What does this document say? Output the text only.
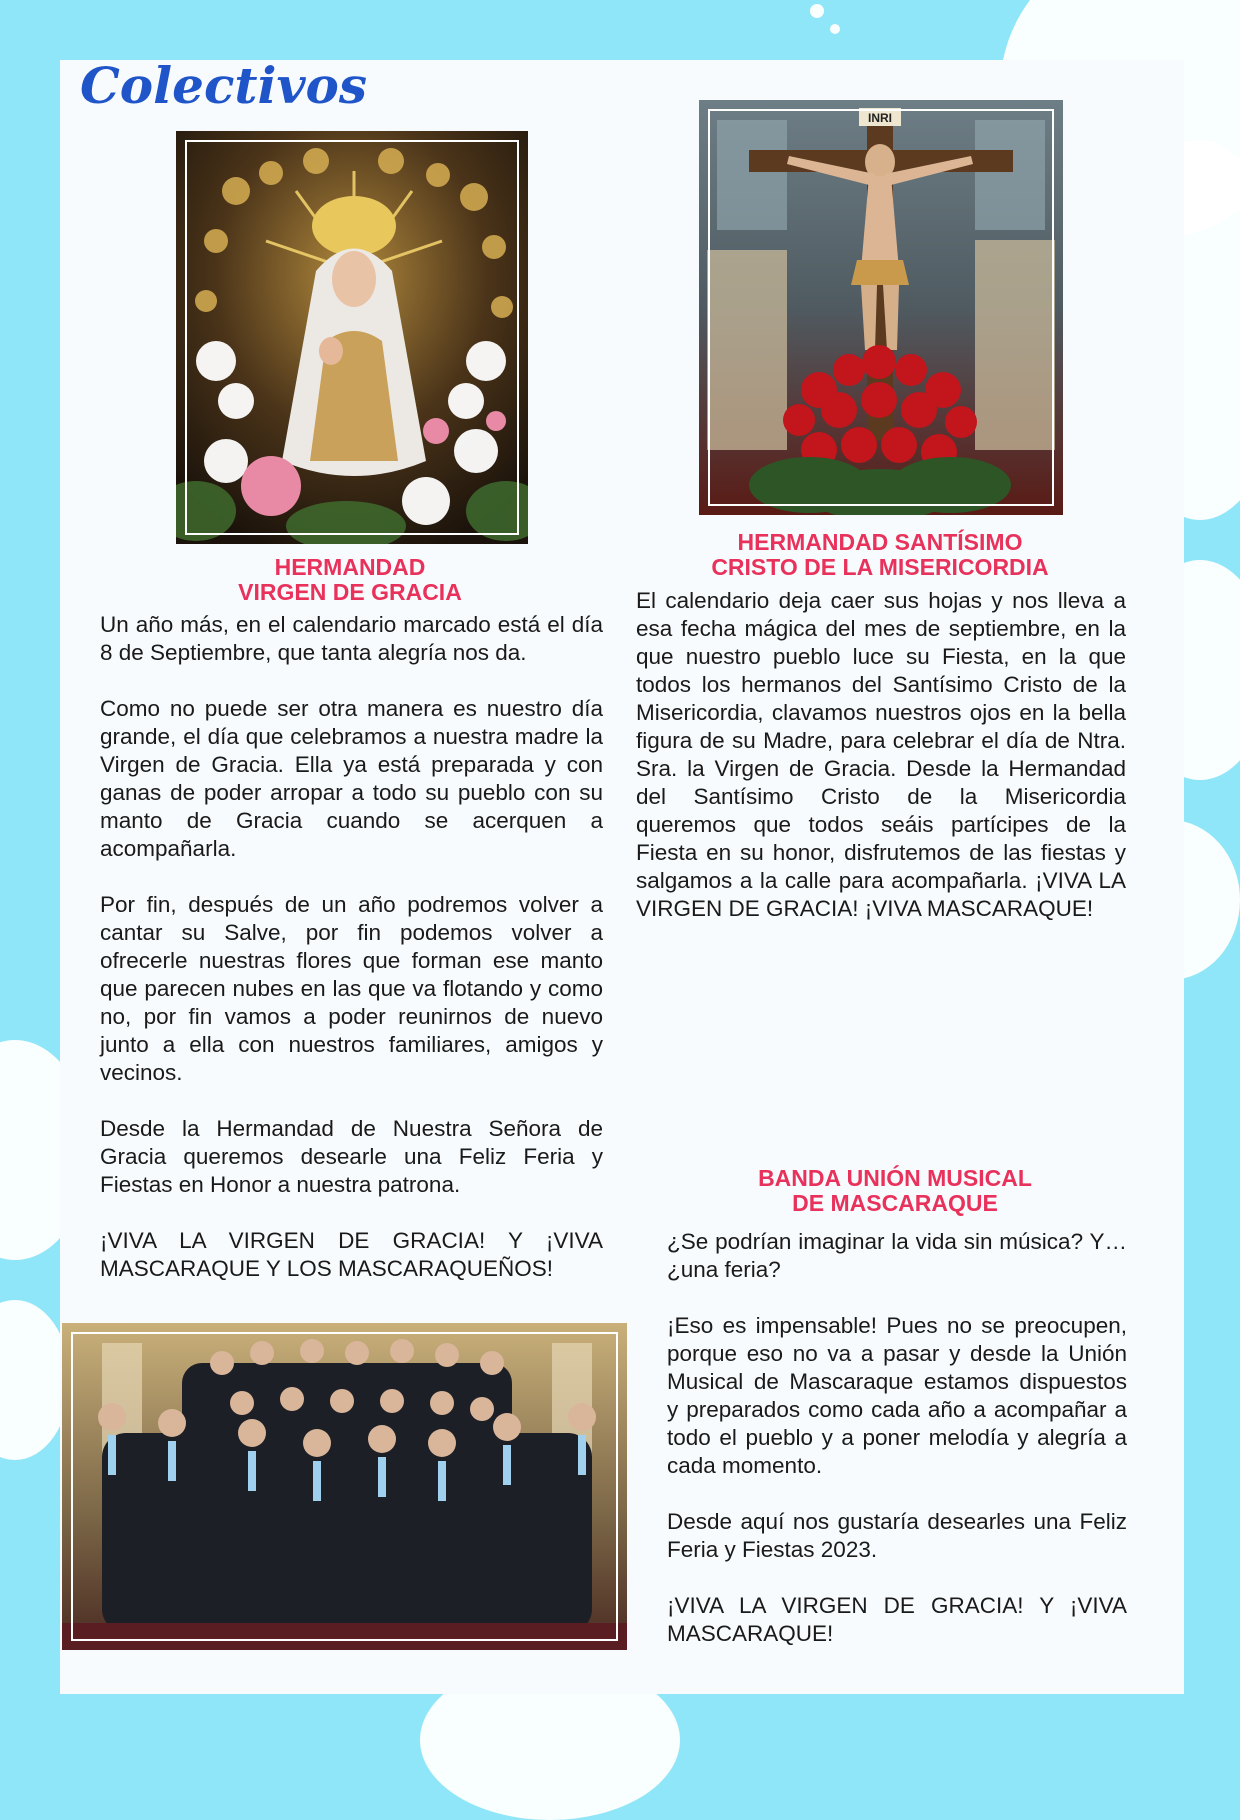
Colectivos
INRI
HERMANDAD
VIRGEN DE GRACIA

Un año más, en el calendario marcado está el día 8 de Septiembre, que tanta alegría nos da.

Como no puede ser otra manera es nuestro día grande, el día que celebramos a nuestra madre la Virgen de Gracia. Ella ya está preparada y con ganas de poder arropar a todo su pueblo con su manto de Gracia cuando se acerquen a acompañarla.

Por fin, después de un año podremos volver a cantar su Salve, por fin podemos volver a ofrecerle nuestras flores que forman ese manto que parecen nubes en las que va flotando y como no, por fin vamos a poder reunirnos de nuevo junto a ella con nuestros familiares, amigos y vecinos.

Desde la Hermandad de Nuestra Señora de Gracia queremos desearle una Feliz Feria y Fiestas en Honor a nuestra patrona.

¡VIVA LA VIRGEN DE GRACIA! Y ¡VIVA MASCARAQUE Y LOS MASCARAQUEÑOS!

HERMANDAD SANTÍSIMO
CRISTO DE LA MISERICORDIA

El calendario deja caer sus hojas y nos lleva a esa fecha mágica del mes de septiembre, en la que nuestro pueblo luce su Fiesta, en la que todos los hermanos del Santísimo Cristo de la Misericordia, clavamos nuestros ojos en la bella figura de su Madre, para celebrar el día de Ntra. Sra. la Virgen de Gracia. Desde la Hermandad del Santísimo Cristo de la Misericordia queremos que todos seáis partícipes de la Fiesta en su honor, disfrutemos de las fiestas y salgamos a la calle para acompañarla. ¡VIVA LA VIRGEN DE GRACIA! ¡VIVA MASCARAQUE!

BANDA UNIÓN MUSICAL
DE MASCARAQUE

¿Se podrían imaginar la vida sin música? Y… ¿una feria?

¡Eso es impensable! Pues no se preocupen, porque eso no va a pasar y desde la Unión Musical de Mascaraque estamos dispuestos y preparados como cada año a acompañar a todo el pueblo y a poner melodía y alegría a cada momento.

Desde aquí nos gustaría desearles una Feliz Feria y Fiestas 2023.

¡VIVA LA VIRGEN DE GRACIA! Y ¡VIVA MASCARAQUE!
